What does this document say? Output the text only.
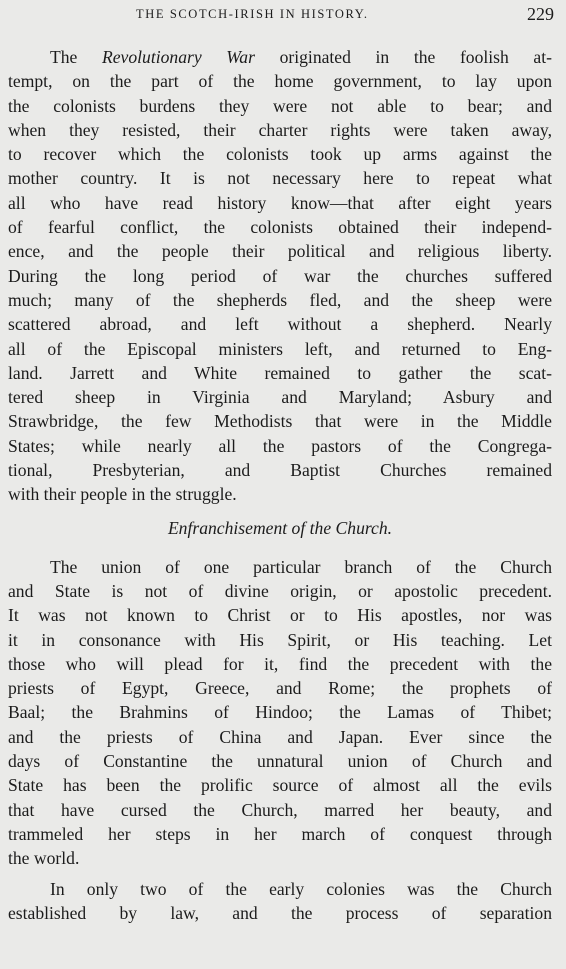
THE SCOTCH-IRISH IN HISTORY.	229
The Revolutionary War originated in the foolish at-
tempt, on the part of the home government, to lay upon
the colonists burdens they were not able to bear; and
when they resisted, their charter rights were taken away,
to recover which the colonists took up arms against the
mother country. It is not necessary here to repeat what
all who have read history know—that after eight years
of fearful conflict, the colonists obtained their independ-
ence, and the people their political and religious liberty.
During the long period of war the churches suffered
much; many of the shepherds fled, and the sheep were
scattered abroad, and left without a shepherd. Nearly
all of the Episcopal ministers left, and returned to Eng-
land. Jarrett and White remained to gather the scat-
tered sheep in Virginia and Maryland; Asbury and
Strawbridge, the few Methodists that were in the Middle
States; while nearly all the pastors of the Congrega-
tional, Presbyterian, and Baptist Churches remained
with their people in the struggle.
Enfranchisement of the Church.
The union of one particular branch of the Church
and State is not of divine origin, or apostolic precedent.
It was not known to Christ or to His apostles, nor was
it in consonance with His Spirit, or His teaching. Let
those who will plead for it, find the precedent with the
priests of Egypt, Greece, and Rome; the prophets of
Baal; the Brahmins of Hindoo; the Lamas of Thibet;
and the priests of China and Japan. Ever since the
days of Constantine the unnatural union of Church and
State has been the prolific source of almost all the evils
that have cursed the Church, marred her beauty, and
trammeled her steps in her march of conquest through
the world.
In only two of the early colonies was the Church
established by law, and the process of separation
